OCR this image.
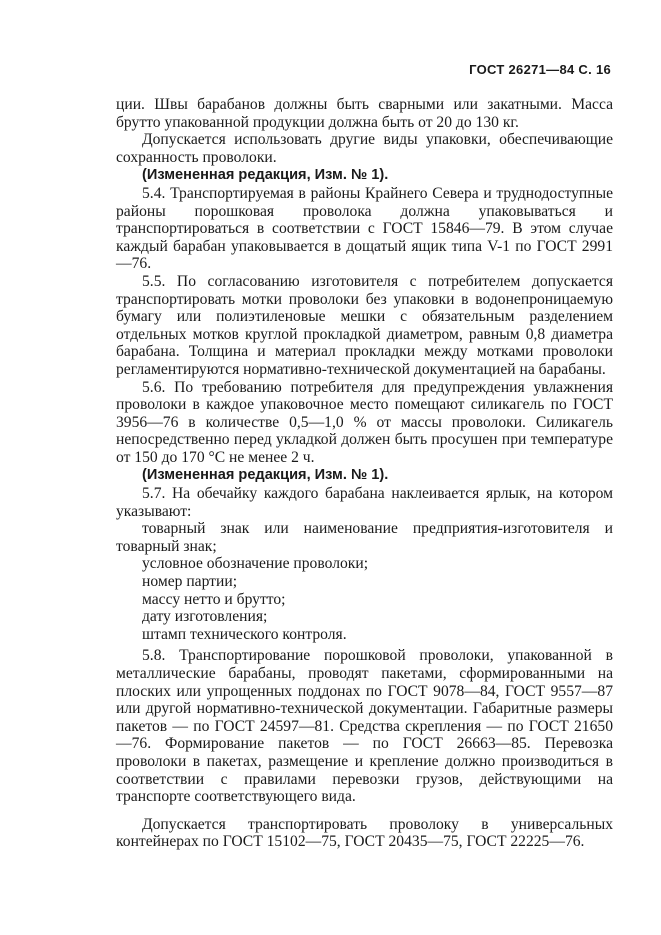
ГОСТ 26271—84 С. 16

ции. Швы барабанов должны быть сварными или закатными. Масса брутто упакованной продукции должна быть от 20 до 130 кг.

Допускается использовать другие виды упаковки, обеспечивающие сохранность проволоки.

(Измененная редакция, Изм. № 1).

5.4. Транспортируемая в районы Крайнего Севера и труднодоступные районы порошковая проволока должна упаковываться и транспортироваться в соответствии с ГОСТ 15846—79. В этом случае каждый барабан упаковывается в дощатый ящик типа V-1 по ГОСТ 2991—76.

5.5. По согласованию изготовителя с потребителем допускается транспортировать мотки проволоки без упаковки в водонепроницаемую бумагу или полиэтиленовые мешки с обязательным разделением отдельных мотков круглой прокладкой диаметром, равным 0,8 диаметра барабана. Толщина и материал прокладки между мотками проволоки регламентируются нормативно-технической документацией на барабаны.

5.6. По требованию потребителя для предупреждения увлажнения проволоки в каждое упаковочное место помещают силикагель по ГОСТ 3956—76 в количестве 0,5—1,0 % от массы проволоки. Силикагель непосредственно перед укладкой должен быть просушен при температуре от 150 до 170 °С не менее 2 ч.

(Измененная редакция, Изм. № 1).

5.7. На обечайку каждого барабана наклеивается ярлык, на котором указывают:

товарный знак или наименование предприятия-изготовителя и товарный знак;
условное обозначение проволоки;
номер партии;
массу нетто и брутто;
дату изготовления;
штамп технического контроля.

5.8. Транспортирование порошковой проволоки, упакованной в металлические барабаны, проводят пакетами, сформированными на плоских или упрощенных поддонах по ГОСТ 9078—84, ГОСТ 9557—87 или другой нормативно-технической документации. Габаритные размеры пакетов — по ГОСТ 24597—81. Средства скрепления — по ГОСТ 21650—76. Формирование пакетов — по ГОСТ 26663—85. Перевозка проволоки в пакетах, размещение и крепление должно производиться в соответствии с правилами перевозки грузов, действующими на транспорте соответствующего вида.

Допускается транспортировать проволоку в универсальных контейнерах по ГОСТ 15102—75, ГОСТ 20435—75, ГОСТ 22225—76.
